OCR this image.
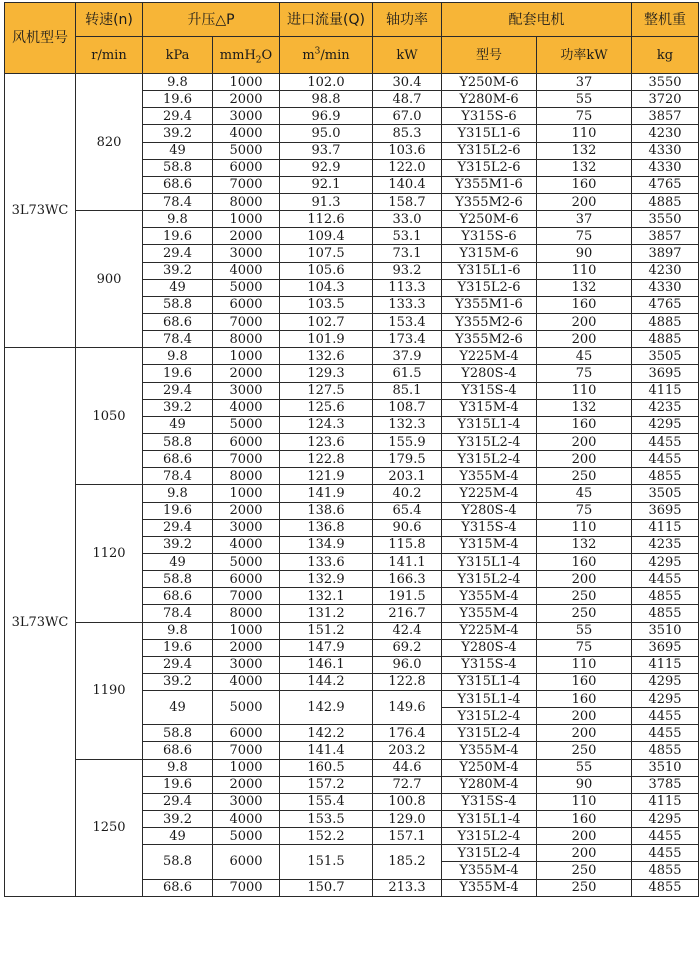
风机型号	转速(n)	升压△P		进口流量(Q)	轴功率	配套电机		整机重
	r/min	kPa	mmH$_2$O	$m^3/\min$	kW	型号	功率kW	kg
3L73WC	820	9.8	1000	102.0	30.4	Y250M-6	37	3550
		19.6	2000	98.8	48.7	Y280M-6	55	3720
		29.4	3000	96.9	67.0	Y315S-6	75	3857
		39.2	4000	95.0	85.3	Y315L1-6	110	4230
		49	5000	93.7	103.6	Y315L2-6	132	4330
		58.8	6000	92.9	122.0	Y315L2-6	132	4330
		68.6	7000	92.1	140.4	Y355M1-6	160	4765
		78.4	8000	91.3	158.7	Y355M2-6	200	4885
	900	9.8	1000	112.6	33.0	Y250M-6	37	3550
		19.6	2000	109.4	53.1	Y315S-6	75	3857
		29.4	3000	107.5	73.1	Y315M-6	90	3897
		39.2	4000	105.6	93.2	Y315L1-6	110	4230
		49	5000	104.3	113.3	Y315L2-6	132	4330
		58.8	6000	103.5	133.3	Y355M1-6	160	4765
		68.6	7000	102.7	153.4	Y355M2-6	200	4885
		78.4	8000	101.9	173.4	Y355M2-6	200	4885
3L73WC	1050	9.8	1000	132.6	37.9	Y225M-4	45	3505
		19.6	2000	129.3	61.5	Y280S-4	75	3695
		29.4	3000	127.5	85.1	Y315S-4	110	4115
		39.2	4000	125.6	108.7	Y315M-4	132	4235
		49	5000	124.3	132.3	Y315L1-4	160	4295
		58.8	6000	123.6	155.9	Y315L2-4	200	4455
		68.6	7000	122.8	179.5	Y315L2-4	200	4455
		78.4	8000	121.9	203.1	Y355M-4	250	4855
	1120	9.8	1000	141.9	40.2	Y225M-4	45	3505
		19.6	2000	138.6	65.4	Y280S-4	75	3695
		29.4	3000	136.8	90.6	Y315S-4	110	4115
		39.2	4000	134.9	115.8	Y315M-4	132	4235
		49	5000	133.6	141.1	Y315L1-4	160	4295
		58.8	6000	132.9	166.3	Y315L2-4	200	4455
		68.6	7000	132.1	191.5	Y355M-4	250	4855
		78.4	8000	131.2	216.7	Y355M-4	250	4855
	1190	9.8	1000	151.2	42.4	Y225M-4	55	3510
		19.6	2000	147.9	69.2	Y280S-4	75	3695
		29.4	3000	146.1	96.0	Y315S-4	110	4115
		39.2	4000	144.2	122.8	Y315L1-4	160	4295
		49	5000	142.9	149.6	Y315L1-4	160	4295
						Y315L2-4	200	4455
		58.8	6000	142.2	176.4	Y315L2-4	200	4455
		68.6	7000	141.4	203.2	Y355M-4	250	4855
	1250	9.8	1000	160.5	44.6	Y250M-4	55	3510
		19.6	2000	157.2	72.7	Y280M-4	90	3785
		29.4	3000	155.4	100.8	Y315S-4	110	4115
		39.2	4000	153.5	129.0	Y315L1-4	160	4295
		49	5000	152.2	157.1	Y315L2-4	200	4455
		58.8	6000	151.5	185.2	Y315L2-4	200	4455
						Y355M-4	250	4855
		68.6	7000	150.7	213.3	Y355M-4	250	4855
